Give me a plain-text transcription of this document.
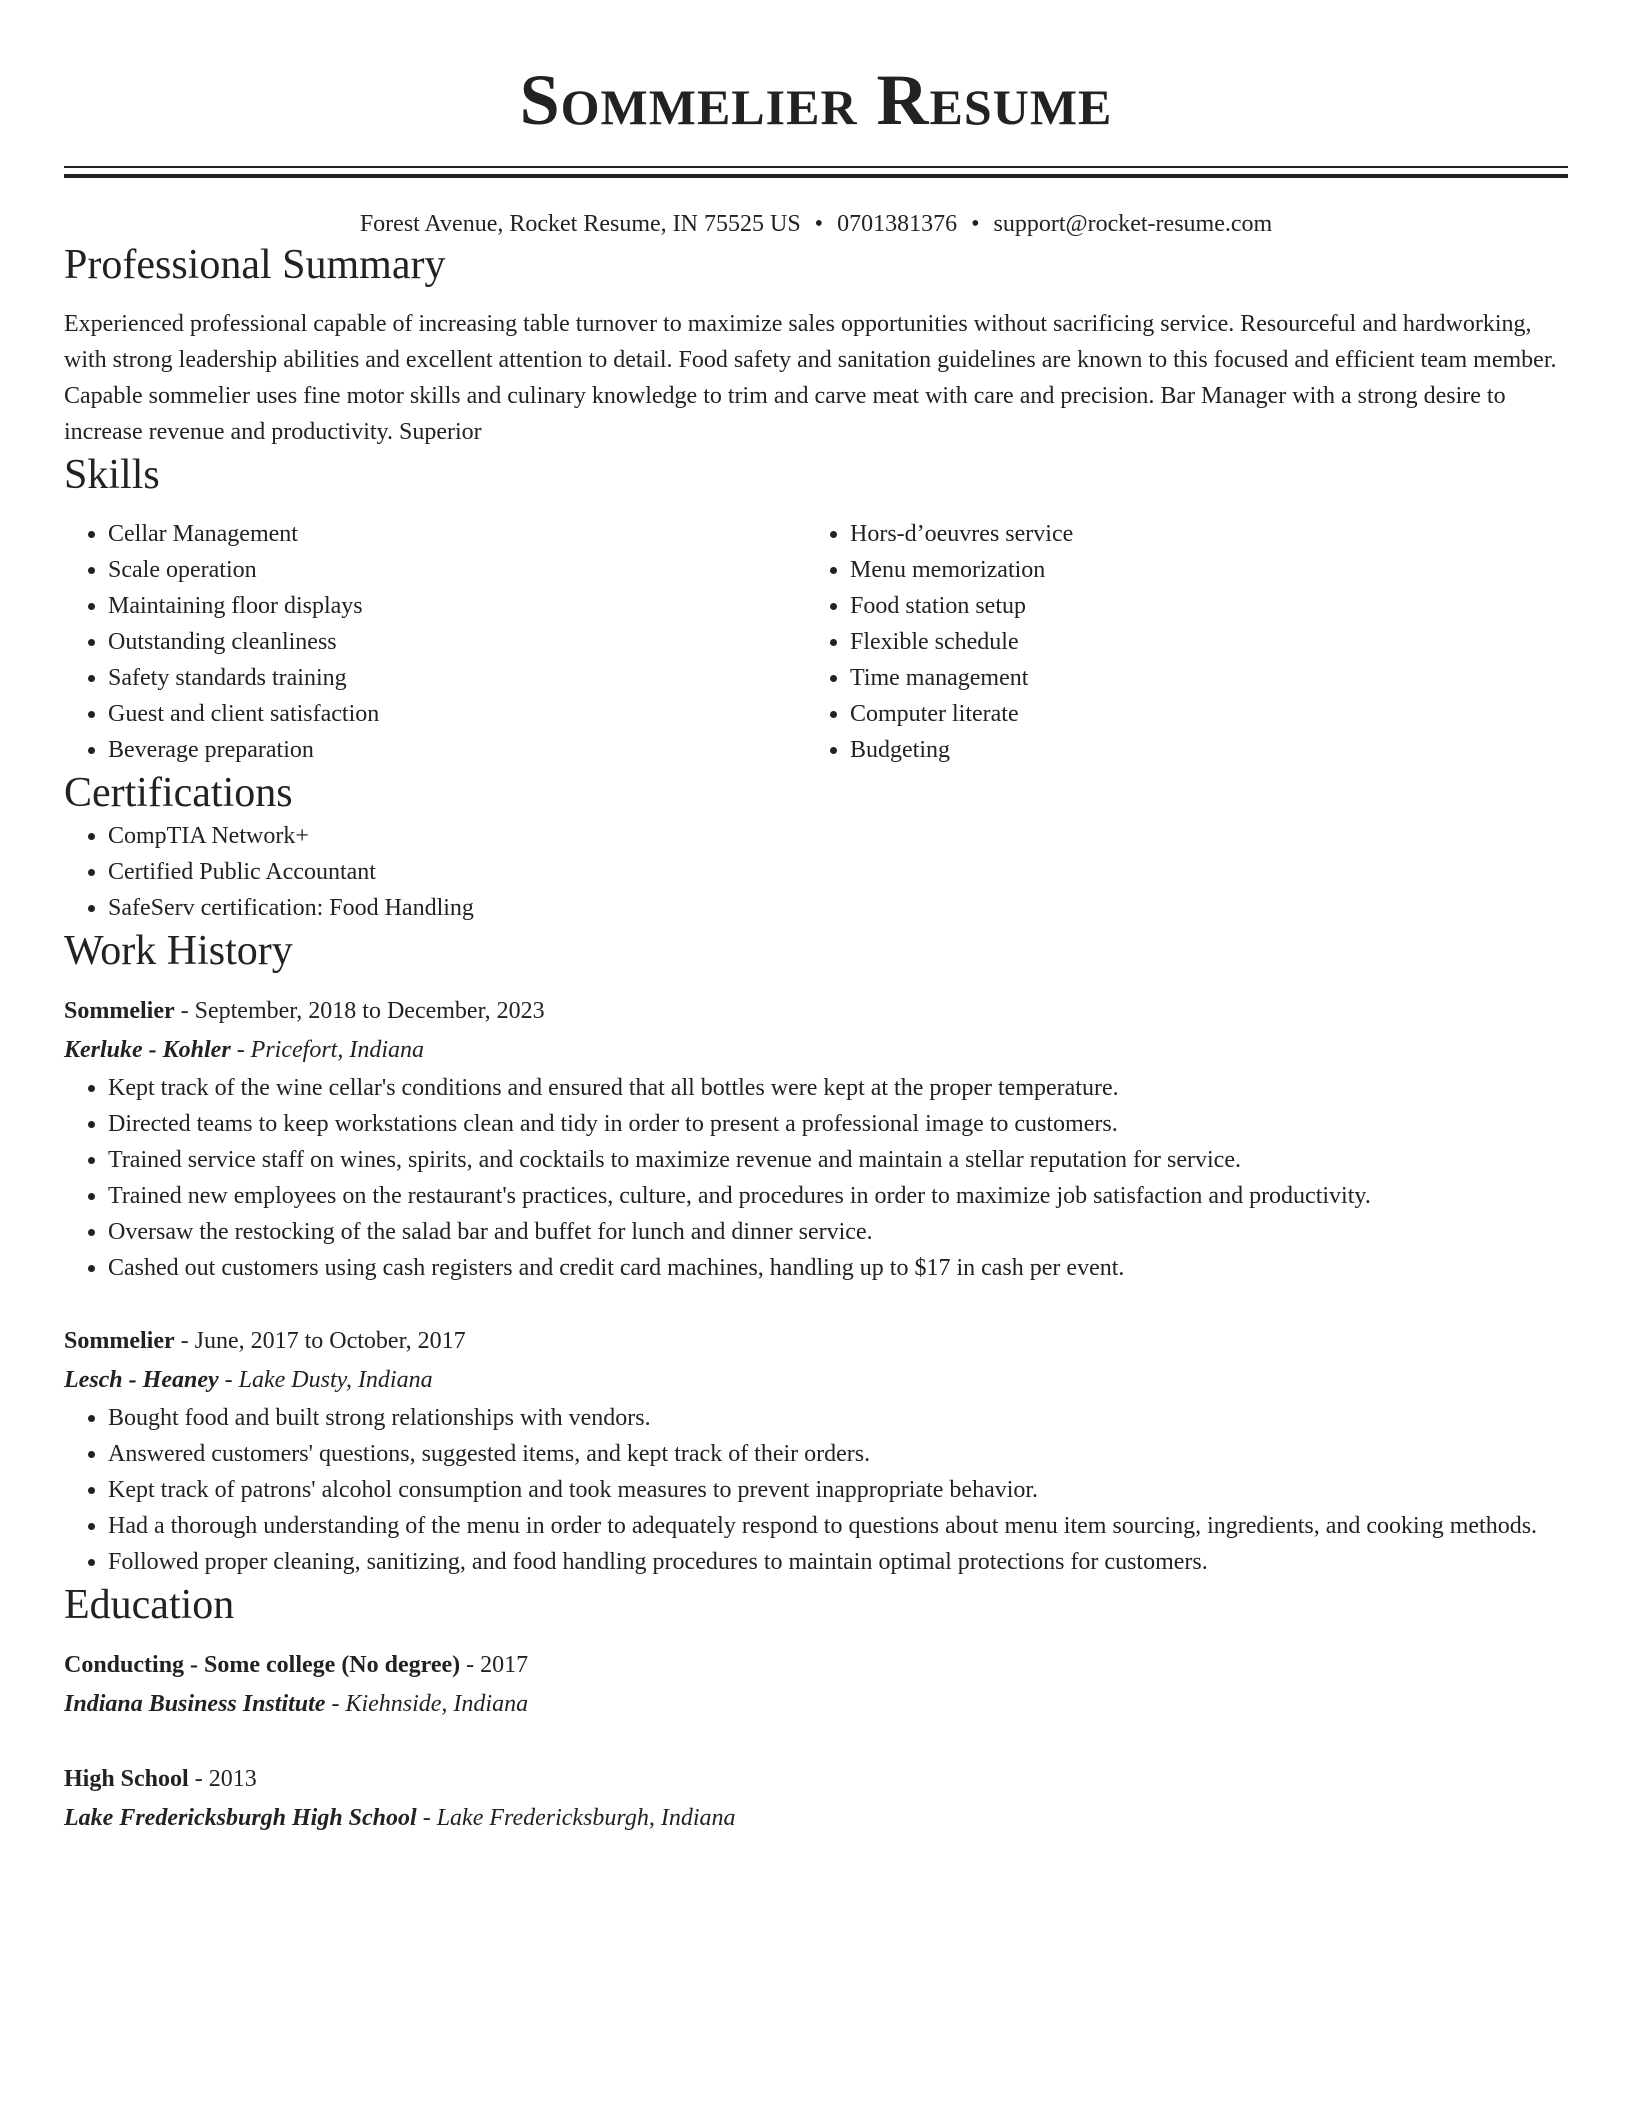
Sommelier Resume
Forest Avenue, Rocket Resume, IN 75525 US • 0701381376 • support@rocket-resume.com
Professional Summary
Experienced professional capable of increasing table turnover to maximize sales opportunities without sacrificing service. Resourceful and hardworking, with strong leadership abilities and excellent attention to detail. Food safety and sanitation guidelines are known to this focused and efficient team member. Capable sommelier uses fine motor skills and culinary knowledge to trim and carve meat with care and precision. Bar Manager with a strong desire to increase revenue and productivity. Superior
Skills
• Cellar Management
• Scale operation
• Maintaining floor displays
• Outstanding cleanliness
• Safety standards training
• Guest and client satisfaction
• Beverage preparation
• Hors-d’oeuvres service
• Menu memorization
• Food station setup
• Flexible schedule
• Time management
• Computer literate
• Budgeting
Certifications
• CompTIA Network+
• Certified Public Accountant
• SafeServ certification: Food Handling
Work History
Sommelier - September, 2018 to December, 2023
Kerluke - Kohler - Pricefort, Indiana
• Kept track of the wine cellar's conditions and ensured that all bottles were kept at the proper temperature.
• Directed teams to keep workstations clean and tidy in order to present a professional image to customers.
• Trained service staff on wines, spirits, and cocktails to maximize revenue and maintain a stellar reputation for service.
• Trained new employees on the restaurant's practices, culture, and procedures in order to maximize job satisfaction and productivity.
• Oversaw the restocking of the salad bar and buffet for lunch and dinner service.
• Cashed out customers using cash registers and credit card machines, handling up to $17 in cash per event.
Sommelier - June, 2017 to October, 2017
Lesch - Heaney - Lake Dusty, Indiana
• Bought food and built strong relationships with vendors.
• Answered customers' questions, suggested items, and kept track of their orders.
• Kept track of patrons' alcohol consumption and took measures to prevent inappropriate behavior.
• Had a thorough understanding of the menu in order to adequately respond to questions about menu item sourcing, ingredients, and cooking methods.
• Followed proper cleaning, sanitizing, and food handling procedures to maintain optimal protections for customers.
Education
Conducting - Some college (No degree) - 2017
Indiana Business Institute - Kiehnside, Indiana
High School - 2013
Lake Fredericksburgh High School - Lake Fredericksburgh, Indiana
